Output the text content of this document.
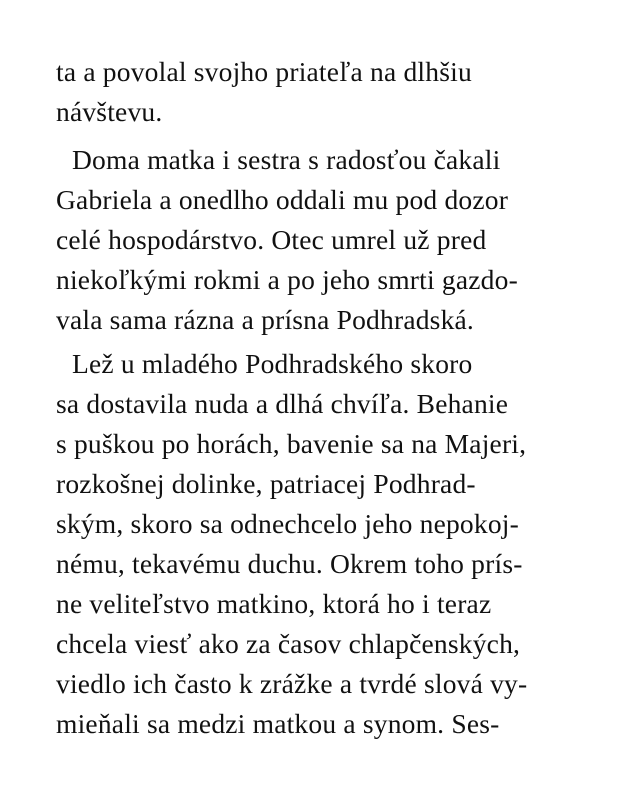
ta a povolal svojho priateľa na dlhšiu
návštevu.
Doma matka i sestra s radosťou čakali
Gabriela a onedlho oddali mu pod dozor
celé hospodárstvo. Otec umrel už pred
niekoľkými rokmi a po jeho smrti gazdo-
vala sama rázna a prísna Podhradská.
Lež u mladého Podhradského skoro
sa dostavila nuda a dlhá chvíľa. Behanie
s puškou po horách, bavenie sa na Majeri,
rozkošnej dolinke, patriacej Podhrad-
ským, skoro sa odnechcelo jeho nepokoj-
nému, tekavému duchu. Okrem toho prís-
ne veliteľstvo matkino, ktorá ho i teraz
chcela viesť ako za časov chlapčenských,
viedlo ich často k zrážke a tvrdé slová vy-
mieňali sa medzi matkou a synom. Ses-
